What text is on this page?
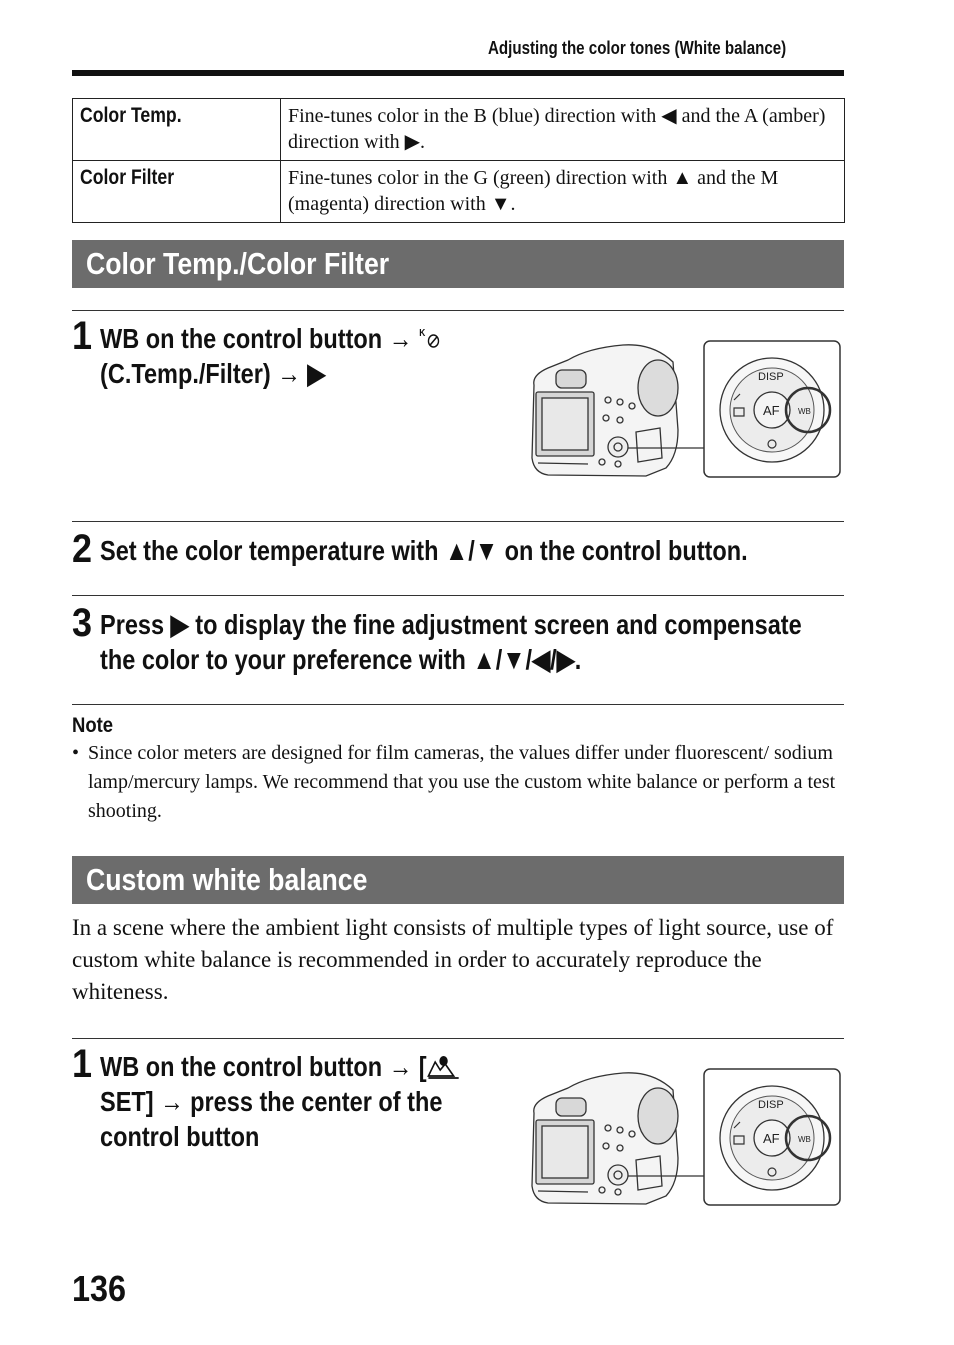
Adjusting the color tones (White balance)
Color Temp.	Fine-tunes color in the B (blue) direction with ◀ and the A (amber) direction with ▶.
Color Filter	Fine-tunes color in the G (green) direction with ▲ and the M (magenta) direction with ▼.
Color Temp./Color Filter
1 WB on the control button → K
(C.Temp./Filter) → ▶	DISP
AF WB
2 Set the color temperature with ▲/▼ on the control button.
3 Press ▶ to display the fine adjustment screen and compensate
the color to your preference with ▲/▼/◀/▶.
Note
• Since color meters are designed for film cameras, the values differ under fluorescent/ sodium lamp/mercury lamps. We recommend that you use the custom white balance or perform a test shooting.
Custom white balance
In a scene where the ambient light consists of multiple types of light source, use of custom white balance is recommended in order to accurately reproduce the whiteness.
1 WB on the control button → [
SET] → press the center of the
control button
DISP
AF WB
136
